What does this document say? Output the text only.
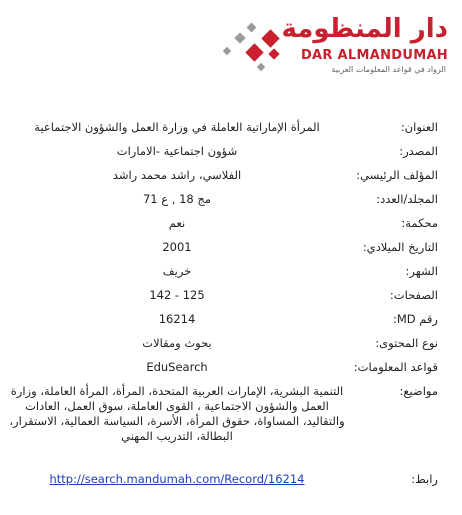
دار المنظومة
DAR ALMANDUMAH
الرواد في قواعد المعلومات العربية
العنوان:	المرأة الإماراتية العاملة في وزارة العمل والشؤون الاجتماعية
المصدر:	شؤون اجتماعية -الامارات
المؤلف الرئيسي:	الفلاسي، راشد محمد راشد
المجلد/العدد:	مج 18 , ع 71
محكمة:	نعم
التاريخ الميلادي:	2001
الشهر:	خريف
الصفحات:	125 - 142
رقم MD:	16214
نوع المحتوى:	بحوث ومقالات
قواعد المعلومات:	EduSearch
مواضيع:	التنمية البشرية، الإمارات العربية المتحدة، المرأة، المرأة العاملة، وزارة العمل والشؤون الاجتماعية ، القوى العاملة، سوق العمل، العادات والتقاليد، المساواة، حقوق المرأة، الأسرة، السياسة العمالية، الاستقرار، البطالة، التدريب المهني
رابط:	http://search.mandumah.com/Record/16214
